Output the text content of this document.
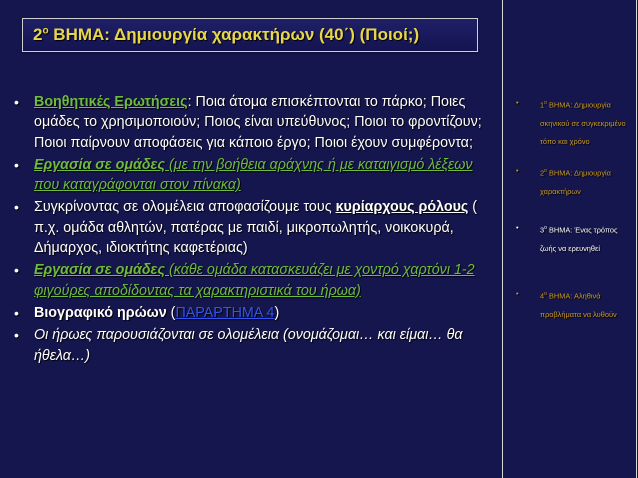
$2^o$ ΒΗΜΑ: Δημιουργία χαρακτήρων (40΄) (Ποιοί;)
• Βοηθητικές Ερωτήσεις: Ποια άτομα επισκέπτονται το πάρκο; Ποιες ομάδες το χρησιμοποιούν; Ποιος είναι υπεύθυνος; Ποιοι το φροντίζουν; Ποιοι παίρνουν αποφάσεις για κάποιο έργο; Ποιοι έχουν συμφέροντα;
• Εργασία σε ομάδες (με την βοήθεια αράχνης ή με καταιγισμό λέξεων που καταγράφονται στον πίνακα)
• Συγκρίνοντας σε ολομέλεια αποφασίζουμε τους κυρίαρχους ρόλους ( π.χ. ομάδα αθλητών, πατέρας με παιδί, μικροπωλητής, νοικοκυρά, Δήμαρχος, ιδιοκτήτης καφετέριας)
• Εργασία σε ομάδες (κάθε ομάδα κατασκευάζει με χοντρό χαρτόνι 1-2 φιγούρες αποδίδοντας τα χαρακτηριστικά του ήρωα)
• Βιογραφικό ηρώων (ΠΑΡΑΡΤΗΜΑ 4)
• Οι ήρωες παρουσιάζονται σε ολομέλεια (ονομάζομαι… και είμαι… θα ήθελα…)
•	$1^o$ ΒΗΜΑ: Δημιουργία σκηνικού σε συγκεκριμένο τόπο και χρόνο
•	$2^o$ ΒΗΜΑ: Δημιουργία χαρακτήρων
•	$3^o$ ΒΗΜΑ: Ένας τρόπος ζωής να ερευνηθεί
•	$4^o$ ΒΗΜΑ: Αληθινά προβλήματα να λυθούν
